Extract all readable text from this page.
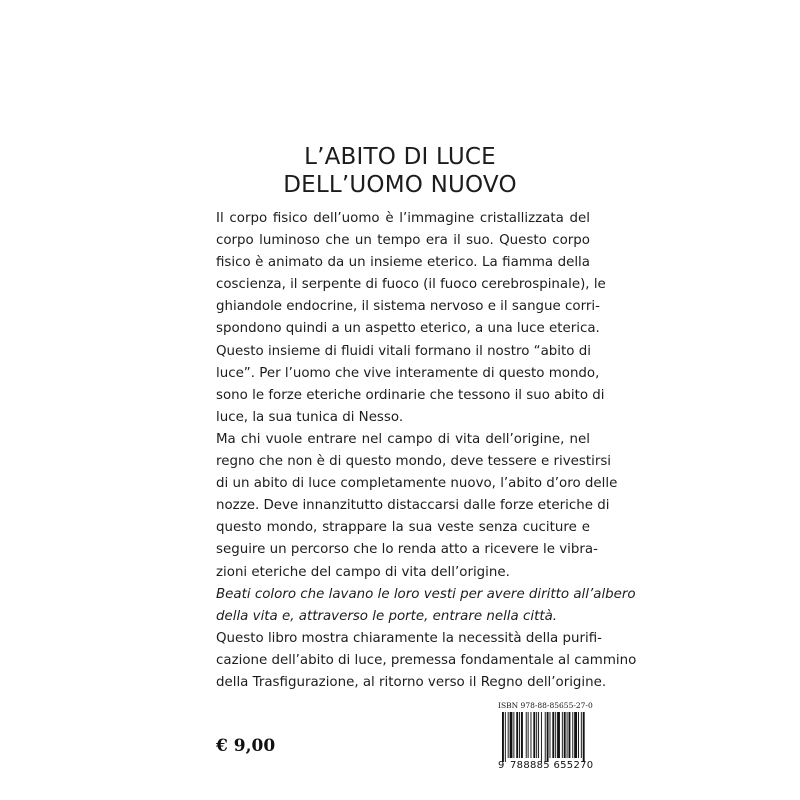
L’ABITO DI LUCE
DELL’UOMO NUOVO
Il corpo fisico dell’uomo è l’immagine cristallizzata del
corpo luminoso che un tempo era il suo. Questo corpo
fisico è animato da un insieme eterico. La fiamma della
coscienza, il serpente di fuoco (il fuoco cerebrospinale), le
ghiandole endocrine, il sistema nervoso e il sangue corri-
spondono quindi a un aspetto eterico, a una luce eterica.
Questo insieme di fluidi vitali formano il nostro “abito di
luce”. Per l’uomo che vive interamente di questo mondo,
sono le forze eteriche ordinarie che tessono il suo abito di
luce, la sua tunica di Nesso.
Ma chi vuole entrare nel campo di vita dell’origine, nel
regno che non è di questo mondo, deve tessere e rivestirsi
di un abito di luce completamente nuovo, l’abito d’oro delle
nozze. Deve innanzitutto distaccarsi dalle forze eteriche di
questo mondo, strappare la sua veste senza cuciture e
seguire un percorso che lo renda atto a ricevere le vibra-
zioni eteriche del campo di vita dell’origine.
Beati coloro che lavano le loro vesti per avere diritto all’albero
della vita e, attraverso le porte, entrare nella città.
Questo libro mostra chiaramente la necessità della purifi-
cazione dell’abito di luce, premessa fondamentale al cammino
della Trasfigurazione, al ritorno verso il Regno dell’origine.
€ 9,00
ISBN 978-88-85655-27-0
9 788885 655270
